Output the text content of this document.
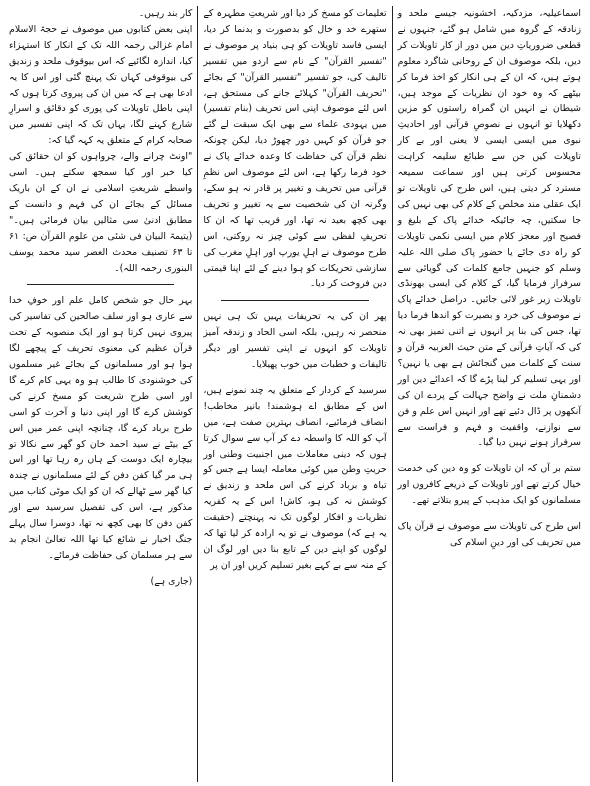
اسماعیلیہ، مزدکیہ، اخشونیہ جیسے ملحد و زنادقہ کے گروہ میں شامل ہو گئے، جنہوں نے قطعی ضروریاتِ دین میں دور از کار تاویلات کر دیں، بلکہ موصوف ان کے روحانی شاگرد معلوم ہوتے ہیں، کہ ان کے ہی انکار کو اخذ فرما کر بیٹھے کہ وہ خود ان نظریات کے موجد ہیں، شیطان نے انہیں ان گمراہ راستوں کو مزین دکھلایا تو انہوں نے نصوصِ قرآنی اور احادیثِ نبوی میں ایسی ایسی لا یعنی اور بے کار تاویلات کیں جن سے طبائع سلیمہ کراہت محسوس کرتی ہیں اور سماعت سمیعہ مسترد کر دیتی ہیں، اس طرح کی تاویلات تو ایک عقلی مند مخلص کے کلام کی بھی نہیں کی جا سکتیں، چہ جائیکہ خدائے پاک کے بلیغ و فصیح اور معجز کلام میں ایسی نکمی تاویلات کو راہ دی جائے یا حضور پاک صلی اللہ علیہ وسلم کو جنہیں جامع کلمات کی گویائی سے سرفراز فرمایا گیا، کے کلام کی ایسی بھونڈی تاویلات زیر غور لائی جائیں۔ دراصل خدائے پاک نے موصوف کی خرد و بصیرت کو اندھا فرما دیا تھا، جس کی بنا پر انہوں نے اتنی تمیز بھی نہ کی کہ آیاتِ قرآنی کے متن حیث العربیہ قرآن و سنت کے کلمات میں گنجائش ہے بھی یا نہیں؟ اور یہی تسلیم کر لینا پڑے گا کہ اعدائے دین اور دشمنانِ ملت نے واضح جہالت کے پردے ان کی آنکھوں پر ڈال دئیے تھے اور انہیں اس علم و فن سے نوازنے، واقفیت و فہم و فراست سے سرفراز ہونے نہیں دیا گیا۔

ستم بر آں کہ ان تاویلات کو وہ دین کی خدمت خیال کرتے تھے اور تاویلات کے ذریعے کافروں اور مسلمانوں کو ایک مذہب کے پیرو بتلاتے تھے۔

اس طرح کی تاویلات سے موصوف نے قرآن پاک میں تحریف کی اور دینِ اسلام کی

تعلیمات کو مسخ کر دیا اور شریعتِ مطہرہ کے ستھرے خد و خال کو بدصورت و بدنما کر دیا، ایسی فاسد تاویلات کو ہی بنیاد پر موصوف نے "تفسیر القرآن" کے نام سے اردو میں تفسیر تالیف کی، جو تفسیر "تفسیر القرآن" کے بجائے "تحریف القرآن" کہلائے جانے کی مستحق ہے، اس لئے موصوف اپنی اس تحریف (بنام تفسیر) میں یہودی علماء سے بھی ایک سبقت لے گئے جو قرآن کو کہیں دور چھوڑ دیا، لیکن چونکہ نظم قرآن کی حفاظت کا وعدہ خدائے پاک نے خود فرما رکھا ہے، اس لئے موصوف اس نظمِ قرآنی میں تحریف و تغییر پر قادر نہ ہو سکے، وگرنہ ان کی شخصیت سے یہ تغییر و تحریف بھی کچھ بعید نہ تھا، اور قریب تھا کہ ان کا تحریفِ لفظی سے کوئی چیز نہ روکتی، اس طرح موصوف نے اہلِ یورپ اور اہلِ مغرب کی سازشی تحریکات کو ہوا دینے کے لئے اپنا قیمتی دین فروخت کر دیا۔

پھر ان کی یہ تحریفات یہیں تک ہی نہیں منحصر نہ رہیں، بلکہ اسی الحاد و زندقہ آمیز تاویلات کو انہوں نے اپنی تفسیر اور دیگر تالیفات و خطبات میں خوب پھیلایا۔

سرسید کے کردار کے متعلق یہ چند نمونے ہیں، اس کے مطابق اے ہوشمند! بانیر مخاطب! انصاف فرمائیے، انصاف بہترین صفت ہے، میں آپ کو اللہ کا واسطہ دے کر آپ سے سوال کرتا ہوں کہ دینی معاملات میں اجنبیت وطنی اور حریتِ وطن میں کوئی معاملہ ایسا ہے جس کو تباہ و برباد کرنے کی اس ملحد و زندیق نے کوشش نہ کی ہو، کاش! اس کے یہ کفریہ نظریات و افکار لوگوں تک نہ پہنچتے (حقیقت یہ ہے کہ) موصوف نے تو یہ ارادہ کر لیا تھا کہ لوگوں کو اپنے دین کے تابع بنا دیں اور لوگ ان کے منہ سے بے کہے بغیر تسلیم کریں اور ان پر

کار بند رہیں۔

اپنی بعض کتابوں میں موصوف نے حجۃ الاسلام امام غزالی رحمہ اللہ تک کے انکار کا استہزاء کیا، اندازہ لگائیے کہ اس بیوقوف ملحد و زندیق کی بیوقوفی کہاں تک پہنچ گئی اور اس کا یہ ادعا بھی ہے کہ میں ان کی پیروی کرتا ہوں کہ اپنی باطل تاویلات کی پوری کو دقائق و اسرارِ شارع کہنے لگا، یہاں تک کہ اپنی تفسیر میں صحابہ کرام کے متعلق یہ کہہ گیا کہ:

"اونٹ چرانے والے، چرواہوں کو ان حقائق کی کیا خبر اور کیا سمجھ سکتے ہیں۔ اسی واسطے شریعتِ اسلامی نے ان کے ان باریک مسائل کے بجائے ان کی فہم و دانست کے مطابق ادنیٰ سی مثالیں بیان فرمائی ہیں۔" (یتیمۃ البیان فی شئی من علوم القرآن ص: ۶۱ تا ۶۳ تصنیف محدث العصر سید محمد یوسف البنوری رحمہ اللہ)۔

بہر حال جو شخص کامل علم اور خوفِ خدا سے عاری ہو اور سلف صالحین کی تفاسیر کی پیروی نہیں کرتا ہو اور ایک منصوبہ کے تحت قرآن عظیم کی معنوی تحریف کے پیچھے لگا ہوا ہو اور مسلمانوں کے بجائے غیر مسلموں کی خوشنودی کا طالب ہو وہ یہی کام کرے گا اور اسی طرح شریعت کو مسخ کرنے کی کوشش کرے گا اور اپنی دنیا و آخرت کو اسی طرح برباد کرے گا، چنانچہ اپنی عمر میں اس کے بیٹے نے سید احمد خان کو گھر سے نکالا تو بیچارہ ایک دوست کے ہاں رہ رہا تھا اور اس ہی مر گیا کفن دفن کے لئے مسلمانوں نے چندہ کیا گھر سے ٹھالے کہ ان کو ایک موٹی کتاب میں مذکور ہے، اس کی تفصیل سرسید سے اور کفن دفن کا بھی کچھ نہ تھا، دوسرا سال پہلے جنگ اخبار نے شائع کیا تھا اللہ تعالیٰ انجام بد سے ہر مسلمان کی حفاظت فرمائے۔

(جاری ہے)
